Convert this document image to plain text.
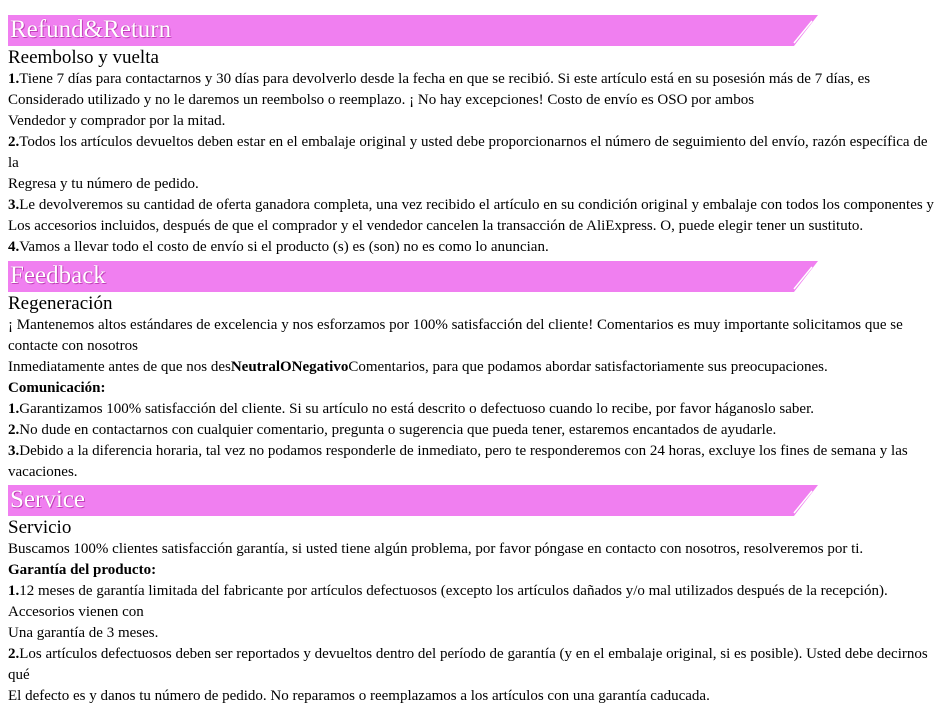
Refund&Return
Reembolso y vuelta
1.Tiene 7 días para contactarnos y 30 días para devolverlo desde la fecha en que se recibió. Si este artículo está en su posesión más de 7 días, es
Considerado utilizado y no le daremos un reembolso o reemplazo. ¡ No hay excepciones! Costo de envío es OSO por ambos
Vendedor y comprador por la mitad.
2.Todos los artículos devueltos deben estar en el embalaje original y usted debe proporcionarnos el número de seguimiento del envío, razón específica de
la
Regresa y tu número de pedido.
3.Le devolveremos su cantidad de oferta ganadora completa, una vez recibido el artículo en su condición original y embalaje con todos los componentes y
Los accesorios incluidos, después de que el comprador y el vendedor cancelen la transacción de AliExpress. O, puede elegir tener un sustituto.
4.Vamos a llevar todo el costo de envío si el producto (s) es (son) no es como lo anuncian.
Feedback
Regeneración
¡ Mantenemos altos estándares de excelencia y nos esforzamos por 100% satisfacción del cliente! Comentarios es muy importante solicitamos que se
contacte con nosotros
Inmediatamente antes de que nos desNeutralONegativoComentarios, para que podamos abordar satisfactoriamente sus preocupaciones.
Comunicación:
1.Garantizamos 100% satisfacción del cliente. Si su artículo no está descrito o defectuoso cuando lo recibe, por favor háganoslo saber.
2.No dude en contactarnos con cualquier comentario, pregunta o sugerencia que pueda tener, estaremos encantados de ayudarle.
3.Debido a la diferencia horaria, tal vez no podamos responderle de inmediato, pero te responderemos con 24 horas, excluye los fines de semana y las
vacaciones.
Service
Servicio
Buscamos 100% clientes satisfacción garantía, si usted tiene algún problema, por favor póngase en contacto con nosotros, resolveremos por ti.
Garantía del producto:
1.12 meses de garantía limitada del fabricante por artículos defectuosos (excepto los artículos dañados y/o mal utilizados después de la recepción).
Accesorios vienen con
Una garantía de 3 meses.
2.Los artículos defectuosos deben ser reportados y devueltos dentro del período de garantía (y en el embalaje original, si es posible). Usted debe decirnos
qué
El defecto es y danos tu número de pedido. No reparamos o reemplazamos a los artículos con una garantía caducada.
